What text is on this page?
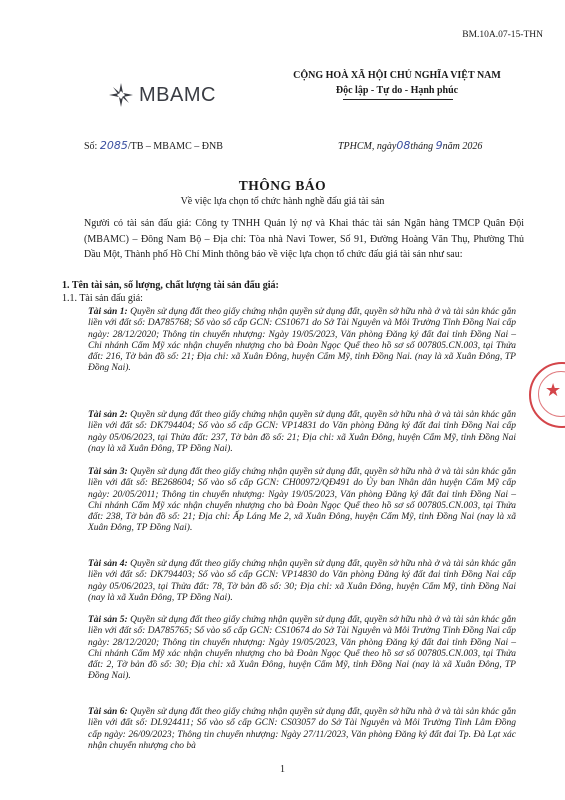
BM.10A.07-15-THN
MBAMC
CỘNG HOÀ XÃ HỘI CHỦ NGHĨA VIỆT NAM
Độc lập - Tự do - Hạnh phúc
Số: 2085/TB – MBAMC – ĐNB	TPHCM, ngày08tháng 9năm 2026
THÔNG BÁO
Về việc lựa chọn tổ chức hành nghề đấu giá tài sản
Người có tài sản đấu giá: Công ty TNHH Quản lý nợ và Khai thác tài sản Ngân hàng TMCP Quân Đội (MBAMC) – Đông Nam Bộ – Địa chỉ: Tòa nhà Navi Tower, Số 91, Đường Hoàng Văn Thụ, Phường Thủ Dầu Một, Thành phố Hồ Chí Minh thông báo về việc lựa chọn tổ chức đấu giá tài sản như sau:
1. Tên tài sản, số lượng, chất lượng tài sản đấu giá:
1.1. Tài sản đấu giá:
Tài sản 1: Quyền sử dụng đất theo giấy chứng nhận quyền sử dụng đất, quyền sở hữu nhà ở và tài sản khác gắn liền với đất số: DA785768; Số vào sổ cấp GCN: CS10671 do Sở Tài Nguyên và Môi Trường Tỉnh Đồng Nai cấp ngày: 28/12/2020; Thông tin chuyển nhượng: Ngày 19/05/2023, Văn phòng Đăng ký đất đai tỉnh Đồng Nai – Chi nhánh Cẩm Mỹ xác nhận chuyển nhượng cho bà Đoàn Ngọc Quế theo hồ sơ số 007805.CN.003, tại Thửa đất: 216, Tờ bản đồ số: 21; Địa chỉ: xã Xuân Đông, huyện Cẩm Mỹ, tỉnh Đồng Nai. (nay là xã Xuân Đông, TP Đồng Nai).
Tài sản 2: Quyền sử dụng đất theo giấy chứng nhận quyền sử dụng đất, quyền sở hữu nhà ở và tài sản khác gắn liền với đất số: DK794404; Số vào sổ cấp GCN: VP14831 do Văn phòng Đăng ký đất đai tỉnh Đồng Nai cấp ngày 05/06/2023, tại Thửa đất: 237, Tờ bản đồ số: 21; Địa chỉ: xã Xuân Đông, huyện Cẩm Mỹ, tỉnh Đồng Nai (nay là xã Xuân Đông, TP Đồng Nai).
Tài sản 3: Quyền sử dụng đất theo giấy chứng nhận quyền sử dụng đất, quyền sở hữu nhà ở và tài sản khác gắn liền với đất số: BE268604; Số vào sổ cấp GCN: CH00972/QĐ491 do Ủy ban Nhân dân huyện Cẩm Mỹ cấp ngày: 20/05/2011; Thông tin chuyển nhượng: Ngày 19/05/2023, Văn phòng Đăng ký đất đai tỉnh Đồng Nai – Chi nhánh Cẩm Mỹ xác nhận chuyển nhượng cho bà Đoàn Ngọc Quế theo hồ sơ số 007805.CN.003, tại Thửa đất: 238, Tờ bản đồ số: 21; Địa chỉ: Ấp Láng Me 2, xã Xuân Đông, huyện Cẩm Mỹ, tỉnh Đồng Nai (nay là xã Xuân Đông, TP Đồng Nai).
Tài sản 4: Quyền sử dụng đất theo giấy chứng nhận quyền sử dụng đất, quyền sở hữu nhà ở và tài sản khác gắn liền với đất số: DK794403; Số vào sổ cấp GCN: VP14830 do Văn phòng Đăng ký đất đai tỉnh Đồng Nai cấp ngày 05/06/2023, tại Thửa đất: 78, Tờ bản đồ số: 30; Địa chỉ: xã Xuân Đông, huyện Cẩm Mỹ, tỉnh Đồng Nai (nay là xã Xuân Đông, TP Đồng Nai).
Tài sản 5: Quyền sử dụng đất theo giấy chứng nhận quyền sử dụng đất, quyền sở hữu nhà ở và tài sản khác gắn liền với đất số: DA785765; Số vào sổ cấp GCN: CS10674 do Sở Tài Nguyên và Môi Trường Tỉnh Đồng Nai cấp ngày: 28/12/2020; Thông tin chuyển nhượng: Ngày 19/05/2023, Văn phòng Đăng ký đất đai tỉnh Đồng Nai – Chi nhánh Cẩm Mỹ xác nhận chuyển nhượng cho bà Đoàn Ngọc Quế theo hồ sơ số 007805.CN.003, tại Thửa đất: 2, Tờ bản đồ số: 30; Địa chỉ: xã Xuân Đông, huyện Cẩm Mỹ, tỉnh Đồng Nai (nay là xã Xuân Đông, TP Đồng Nai).
Tài sản 6: Quyền sử dụng đất theo giấy chứng nhận quyền sử dụng đất, quyền sở hữu nhà ở và tài sản khác gắn liền với đất số: DL924411; Số vào sổ cấp GCN: CS03057 do Sở Tài Nguyên và Môi Trường Tỉnh Lâm Đồng cấp ngày: 26/09/2023; Thông tin chuyển nhượng: Ngày 27/11/2023, Văn phòng Đăng ký đất đai Tp. Đà Lạt xác nhận chuyển nhượng cho bà
★
1
